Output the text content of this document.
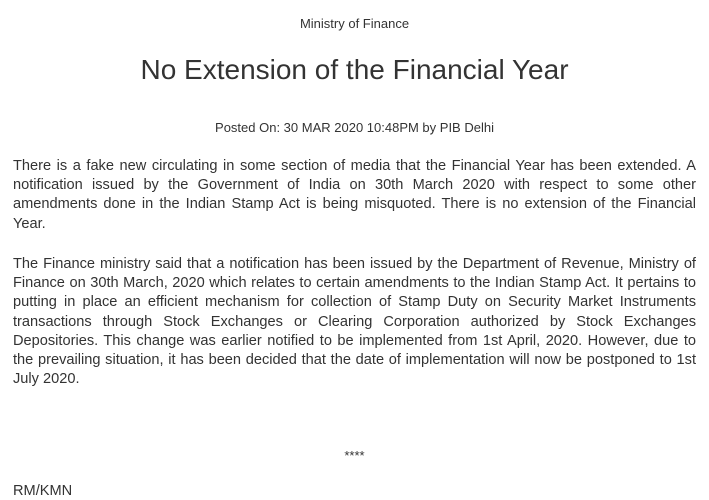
Ministry of Finance
No Extension of the Financial Year
Posted On: 30 MAR 2020 10:48PM by PIB Delhi

There is a fake new circulating in some section of media that the Financial Year has been extended. A notification issued by the Government of India on 30th March 2020 with respect to some other amendments done in the Indian Stamp Act is being misquoted. There is no extension of the Financial Year.

The Finance ministry said that a notification has been issued by the Department of Revenue, Ministry of Finance on 30th March, 2020 which relates to certain amendments to the Indian Stamp Act. It pertains to putting in place an efficient mechanism for collection of Stamp Duty on Security Market Instruments transactions through Stock Exchanges or Clearing Corporation authorized by Stock Exchanges Depositories. This change was earlier notified to be implemented from 1st April, 2020. However, due to the prevailing situation, it has been decided that the date of implementation will now be postponed to 1st July 2020.

****
RM/KMN
